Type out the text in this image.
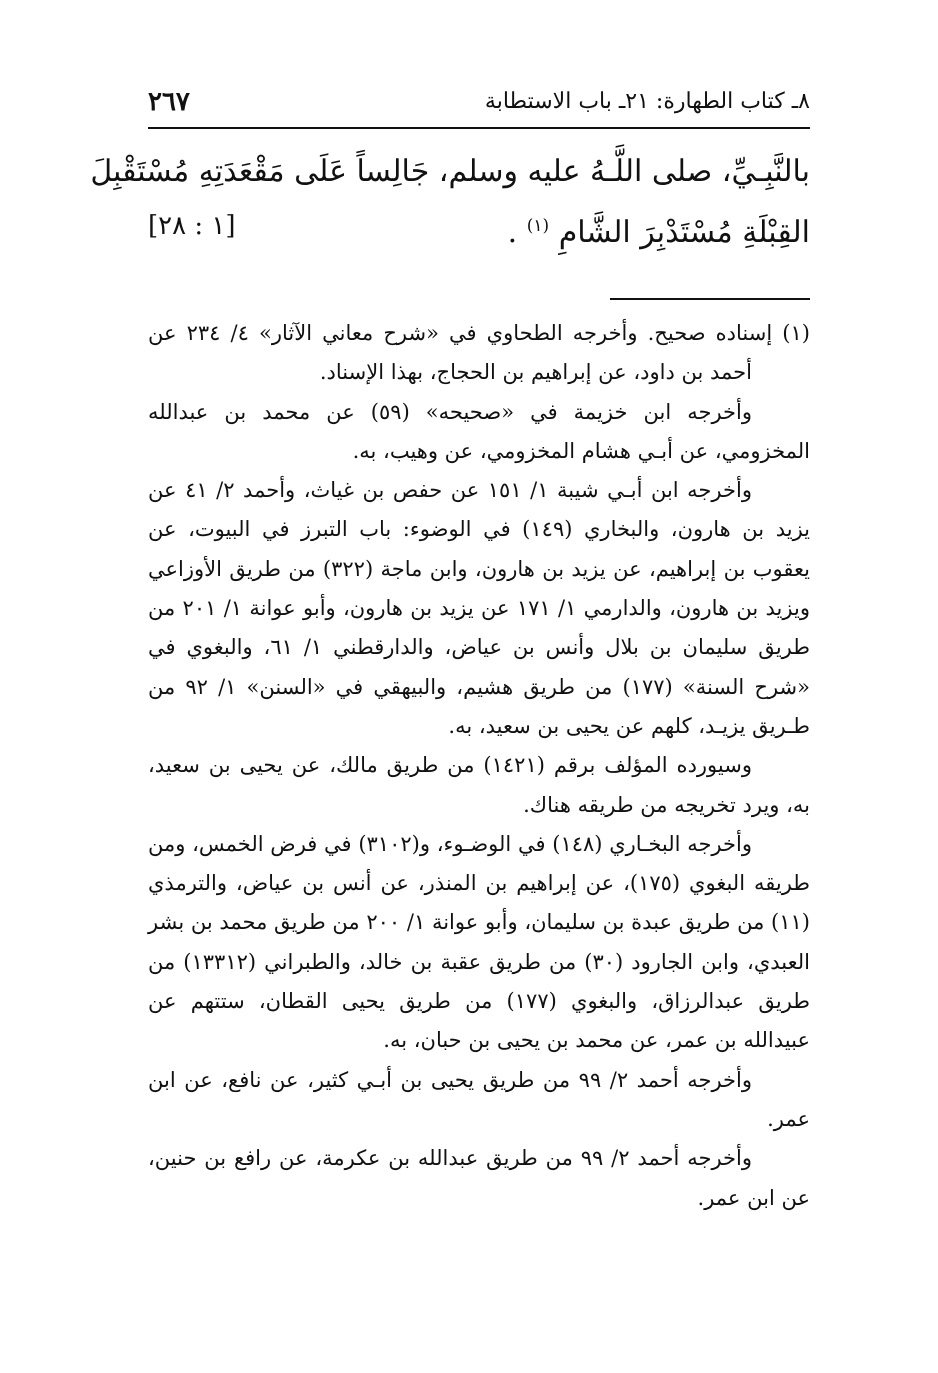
٨ـ كتاب الطهارة: ٢١ـ باب الاستطابة
٢٦٧
بالنَّبِـيِّ، صلى اللَّـهُ عليه وسلم، جَالِساً عَلَى مَقْعَدَتِهِ مُسْتَقْبِلَ
[١ : ٢٨]	القِبْلَةِ مُسْتَدْبِرَ الشَّامِ $^{(١)}$ .

(١) إسناده صحيح. وأخرجه الطحاوي في «شرح معاني الآثار» ٤/ ٢٣٤ عن أحمد بن داود، عن إبراهيم بن الحجاج، بهذا الإسناد.

وأخرجه ابن خزيمة في «صحيحه» (٥٩) عن محمد بن عبدالله المخزومي، عن أبـي هشام المخزومي، عن وهيب، به.

وأخرجه ابن أبـي شيبة ١/ ١٥١ عن حفص بن غياث، وأحمد ٢/ ٤١ عن يزيد بن هارون، والبخاري (١٤٩) في الوضوء: باب التبرز في البيوت، عن يعقوب بن إبراهيم، عن يزيد بن هارون، وابن ماجة (٣٢٢) من طريق الأوزاعي ويزيد بن هارون، والدارمي ١/ ١٧١ عن يزيد بن هارون، وأبو عوانة ١/ ٢٠١ من طريق سليمان بن بلال وأنس بن عياض، والدارقطني ١/ ٦١، والبغوي في «شرح السنة» (١٧٧) من طريق هشيم، والبيهقي في «السنن» ١/ ٩٢ من طـريق يزيـد، كلهم عن يحيى بن سعيد، به.

وسيورده المؤلف برقم (١٤٢١) من طريق مالك، عن يحيى بن سعيد، به، ويرد تخريجه من طريقه هناك.

وأخرجه البخـاري (١٤٨) في الوضـوء، و(٣١٠٢) في فرض الخمس، ومن طريقه البغوي (١٧٥)، عن إبراهيم بن المنذر، عن أنس بن عياض، والترمذي (١١) من طريق عبدة بن سليمان، وأبو عوانة ١/ ٢٠٠ من طريق محمد بن بشر العبدي، وابن الجارود (٣٠) من طريق عقبة بن خالد، والطبراني (١٣٣١٢) من طريق عبدالرزاق، والبغوي (١٧٧) من طريق يحيى القطان، ستتهم عن عبيدالله بن عمر، عن محمد بن يحيى بن حبان، به.

وأخرجه أحمد ٢/ ٩٩ من طريق يحيى بن أبـي كثير، عن نافع، عن ابن عمر.

وأخرجه أحمد ٢/ ٩٩ من طريق عبدالله بن عكرمة، عن رافع بن حنين، عن ابن عمر.
